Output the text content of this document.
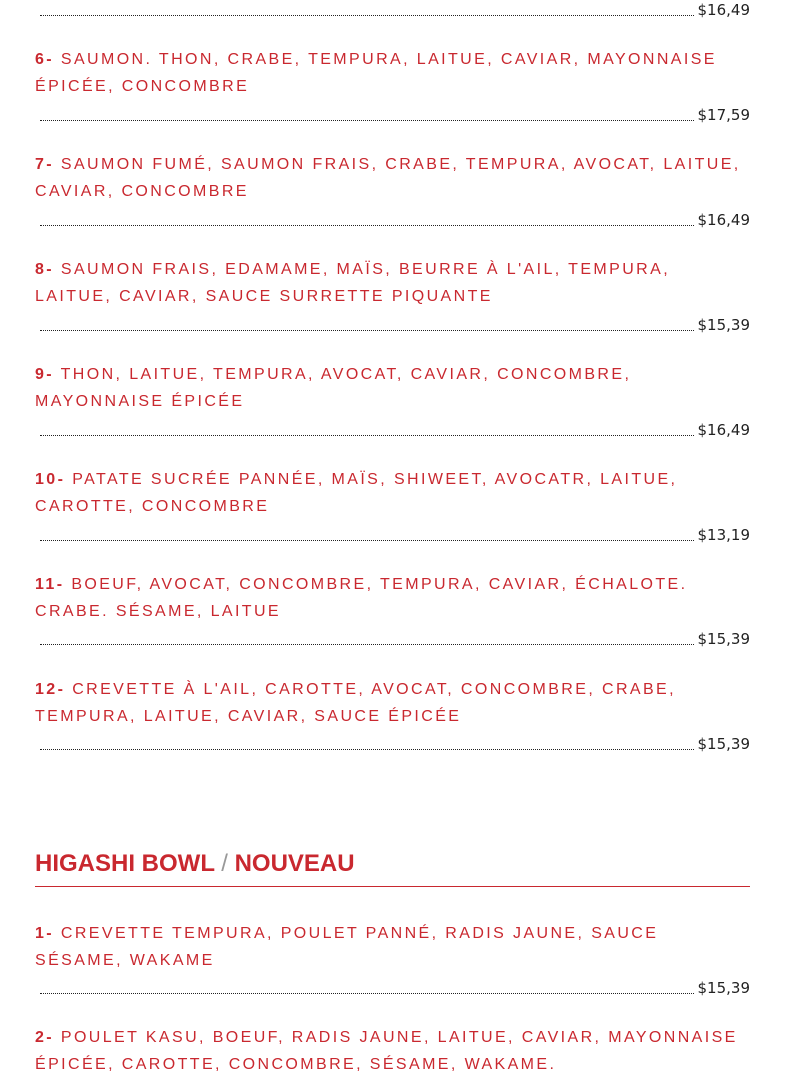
$16,49

6- SAUMON. THON, CRABE, TEMPURA, LAITUE, CAVIAR, MAYONNAISE ÉPICÉE, CONCOMBRE

$17,59

7- SAUMON FUMÉ, SAUMON FRAIS, CRABE, TEMPURA, AVOCAT, LAITUE, CAVIAR, CONCOMBRE

$16,49

8- SAUMON FRAIS, EDAMAME, MAÏS, BEURRE À L'AIL, TEMPURA, LAITUE, CAVIAR, SAUCE SURRETTE PIQUANTE

$15,39

9- THON, LAITUE, TEMPURA, AVOCAT, CAVIAR, CONCOMBRE, MAYONNAISE ÉPICÉE

$16,49

10- PATATE SUCRÉE PANNÉE, MAÏS, SHIWEET, AVOCATR, LAITUE, CAROTTE, CONCOMBRE

$13,19

11- BOEUF, AVOCAT, CONCOMBRE, TEMPURA, CAVIAR, ÉCHALOTE. CRABE. SÉSAME, LAITUE

$15,39

12- CREVETTE À L'AIL, CAROTTE, AVOCAT, CONCOMBRE, CRABE, TEMPURA, LAITUE, CAVIAR, SAUCE ÉPICÉE

$15,39
HIGASHI BOWL / NOUVEAU

1- CREVETTE TEMPURA, POULET PANNÉ, RADIS JAUNE, SAUCE SÉSAME, WAKAME

$15,39

2- POULET KASU, BOEUF, RADIS JAUNE, LAITUE, CAVIAR, MAYONNAISE ÉPICÉE, CAROTTE, CONCOMBRE, SÉSAME, WAKAME.
